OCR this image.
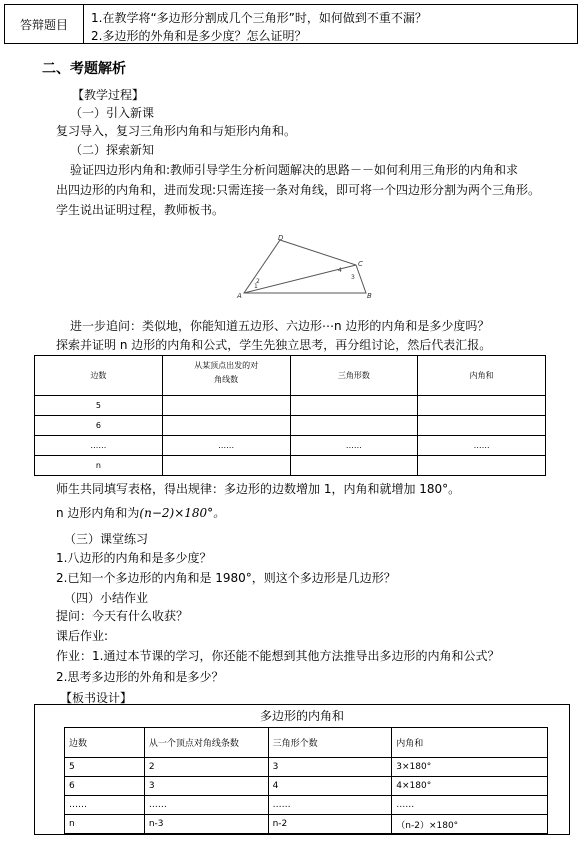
答辩题目	1.在教学将“多边形分割成几个三角形”时，如何做到不重不漏？
2.多边形的外角和是多少度？怎么证明？
二、考题解析
【教学过程】
（一）引入新课
复习导入，复习三角形内角和与矩形内角和。
（二）探索新知
验证四边形内角和:教师引导学生分析问题解决的思路－－如何利用三角形的内角和求
出四边形的内角和，进而发现:只需连接一条对角线，即可将一个四边形分割为两个三角形。
学生说出证明过程，教师板书。
D
C
A	B
1
2
3
4
进一步追问：类似地，你能知道五边形、六边形⋯n 边形的内角和是多少度吗？
探索并证明 n 边形的内角和公式，学生先独立思考，再分组讨论，然后代表汇报。
边数	从某顶点出发的对
角线数	三角形数	内角和
5			
6			
……	……	……	……
n			
师生共同填写表格，得出规律：多边形的边数增加 1，内角和就增加 180°。
n 边形内角和为(n−2)×180°。
（三）课堂练习
1.八边形的内角和是多少度？
2.已知一个多边形的内角和是 1980°，则这个多边形是几边形？
（四）小结作业
提问：今天有什么收获？
课后作业:
作业：1.通过本节课的学习，你还能不能想到其他方法推导出多边形的内角和公式？
2.思考多边形的外角和是多少？
【板书设计】
多边形的内角和
边数	从一个顶点对角线条数	三角形个数	内角和
5	2	3	3×180°
6	3	4	4×180°
……	……	……	……
n	n-3	n-2	（n-2）×180°
